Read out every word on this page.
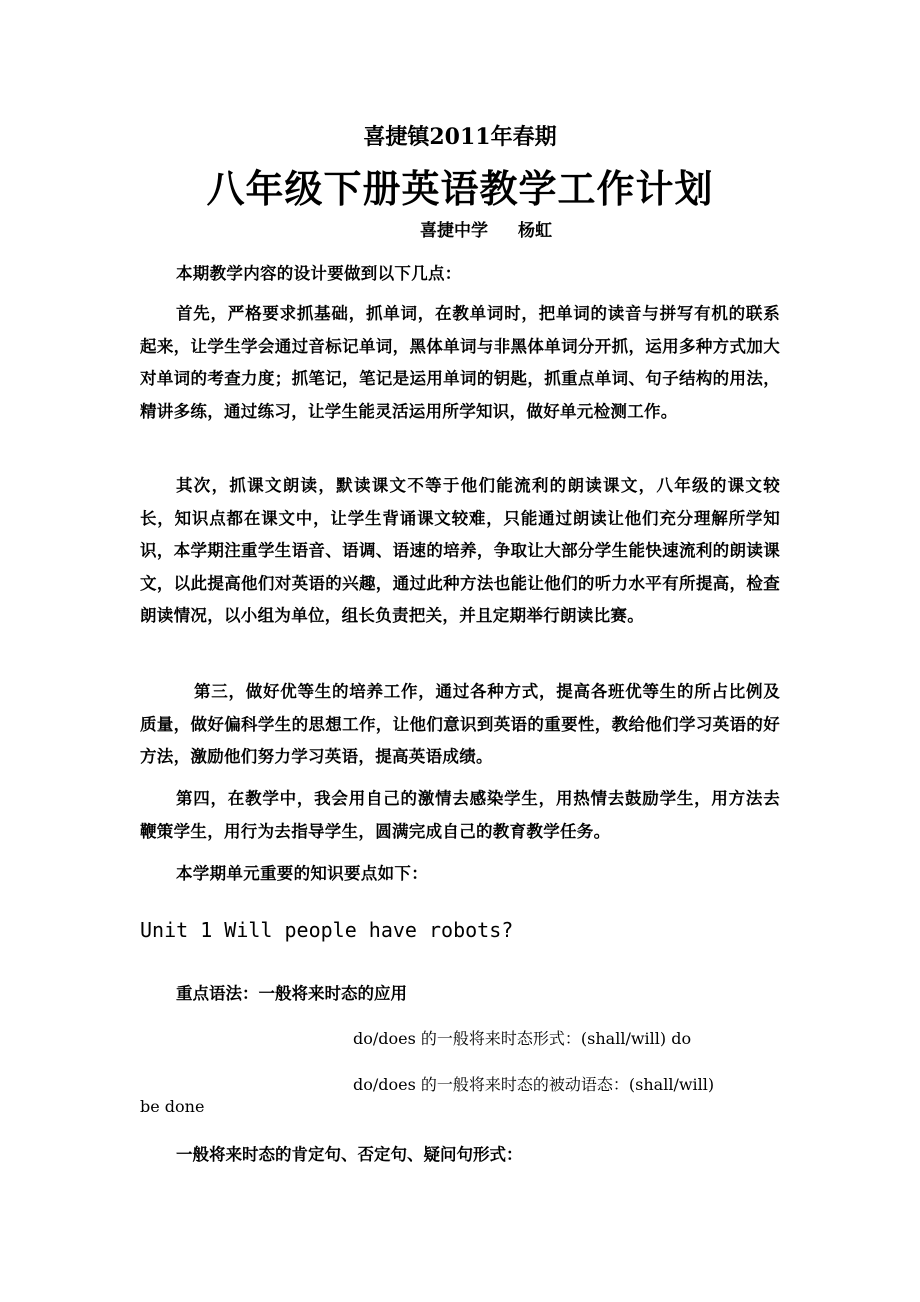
喜捷镇2011年春期
八年级下册英语教学工作计划
喜捷中学 杨虹

本期教学内容的设计要做到以下几点：

首先，严格要求抓基础，抓单词，在教单词时，把单词的读音与拼写有机的联系起来，让学生学会通过音标记单词，黑体单词与非黑体单词分开抓，运用多种方式加大对单词的考查力度；抓笔记，笔记是运用单词的钥匙，抓重点单词、句子结构的用法，精讲多练，通过练习，让学生能灵活运用所学知识，做好单元检测工作。

其次，抓课文朗读，默读课文不等于他们能流利的朗读课文，八年级的课文较长，知识点都在课文中，让学生背诵课文较难，只能通过朗读让他们充分理解所学知识，本学期注重学生语音、语调、语速的培养，争取让大部分学生能快速流利的朗读课文，以此提高他们对英语的兴趣，通过此种方法也能让他们的听力水平有所提高，检查朗读情况，以小组为单位，组长负责把关，并且定期举行朗读比赛。

第三，做好优等生的培养工作，通过各种方式，提高各班优等生的所占比例及质量，做好偏科学生的思想工作，让他们意识到英语的重要性，教给他们学习英语的好方法，激励他们努力学习英语，提高英语成绩。

第四，在教学中，我会用自己的激情去感染学生，用热情去鼓励学生，用方法去鞭策学生，用行为去指导学生，圆满完成自己的教育教学任务。

本学期单元重要的知识要点如下：

Unit 1 Will people have robots?
重点语法：一般将来时态的应用
do/does 的一般将来时态形式：(shall/will) do
do/does 的一般将来时态的被动语态：(shall/will)
be done
一般将来时态的肯定句、否定句、疑问句形式：
